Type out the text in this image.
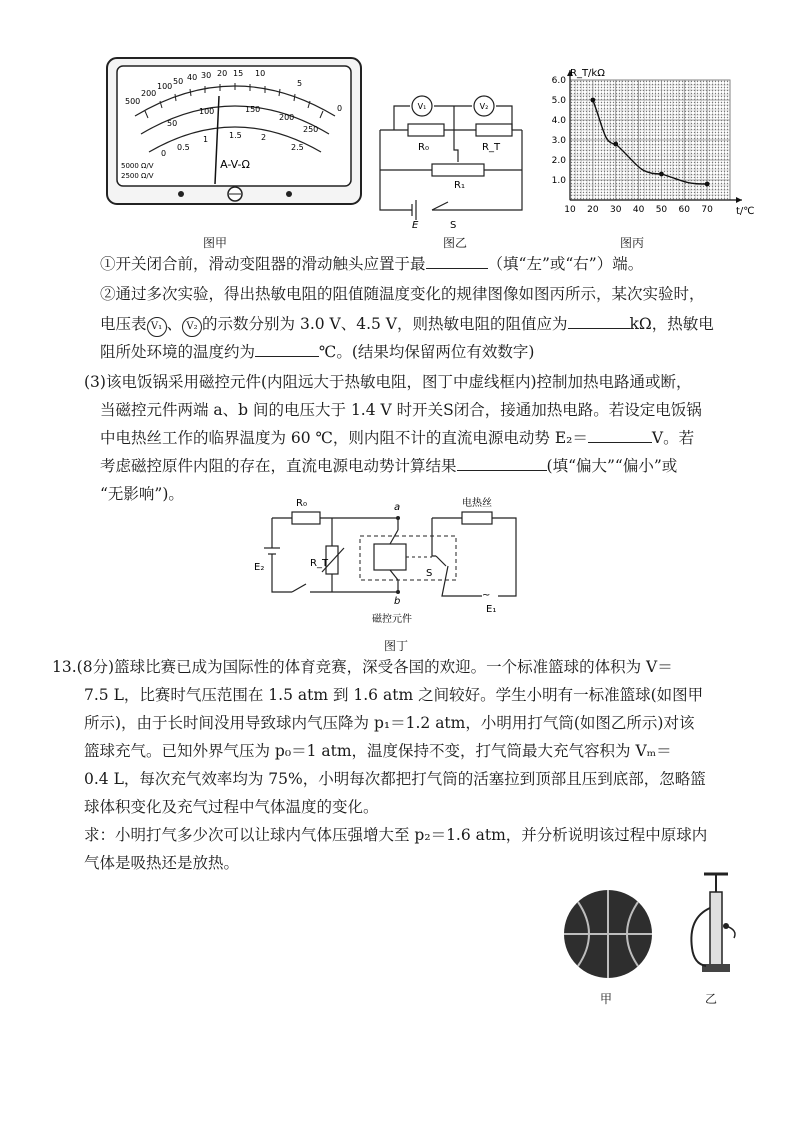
500
200
100
50 40 30 20 15 10
5
0
50
100	150
200
250
0
0.5
1	1.5 2
2.5
A-V-Ω
5000 Ω/V
2500 Ω/V
图甲
V₁	V₂
R₀	R_T
R₁
E	S
图乙
10 20 30 40 50 60 70
1.0
2.0
3.0
4.0
5.0
6.0
R_T/kΩ
t/℃
图丙
①开关闭合前，滑动变阻器的滑动触头应置于最	（填“左”或“右”）端。
②通过多次实验，得出热敏电阻的阻值随温度变化的规律图像如图丙所示，某次实验时，
电压表 V₁ 、 V₂ 的示数分别为 3.0 V、4.5 V，则热敏电阻的阻值应为	kΩ，热敏电
阻所处环境的温度约为	℃。(结果均保留两位有效数字)
(3)该电饭锅采用磁控元件(内阻远大于热敏电阻，图丁中虚线框内)控制加热电路通或断，
当磁控元件两端 a、b 间的电压大于 1.4 V 时开关S闭合，接通加热电路。若设定电饭锅
中电热丝工作的临界温度为 60 ℃，则内阻不计的直流电源电动势 E₂＝	V。若
考虑磁控原件内阻的存在，直流电源电动势计算结果	(填“偏大”“偏小”或
“无影响”)。
R₀	a
b
E₂	R_T
S
电热丝
E₁
~
磁控元件
图丁
13.(8分)篮球比赛已成为国际性的体育竞赛，深受各国的欢迎。一个标准篮球的体积为 V＝
7.5 L，比赛时气压范围在 1.5 atm 到 1.6 atm 之间较好。学生小明有一标准篮球(如图甲
所示)，由于长时间没用导致球内气压降为 p₁＝1.2 atm，小明用打气筒(如图乙所示)对该
篮球充气。已知外界气压为 p₀＝1 atm，温度保持不变，打气筒最大充气容积为 Vₘ＝
0.4 L，每次充气效率均为 75%，小明每次都把打气筒的活塞拉到顶部且压到底部，忽略篮
球体积变化及充气过程中气体温度的变化。
求：小明打气多少次可以让球内气体压强增大至 p₂＝1.6 atm，并分析说明该过程中原球内
气体是吸热还是放热。
甲	乙
